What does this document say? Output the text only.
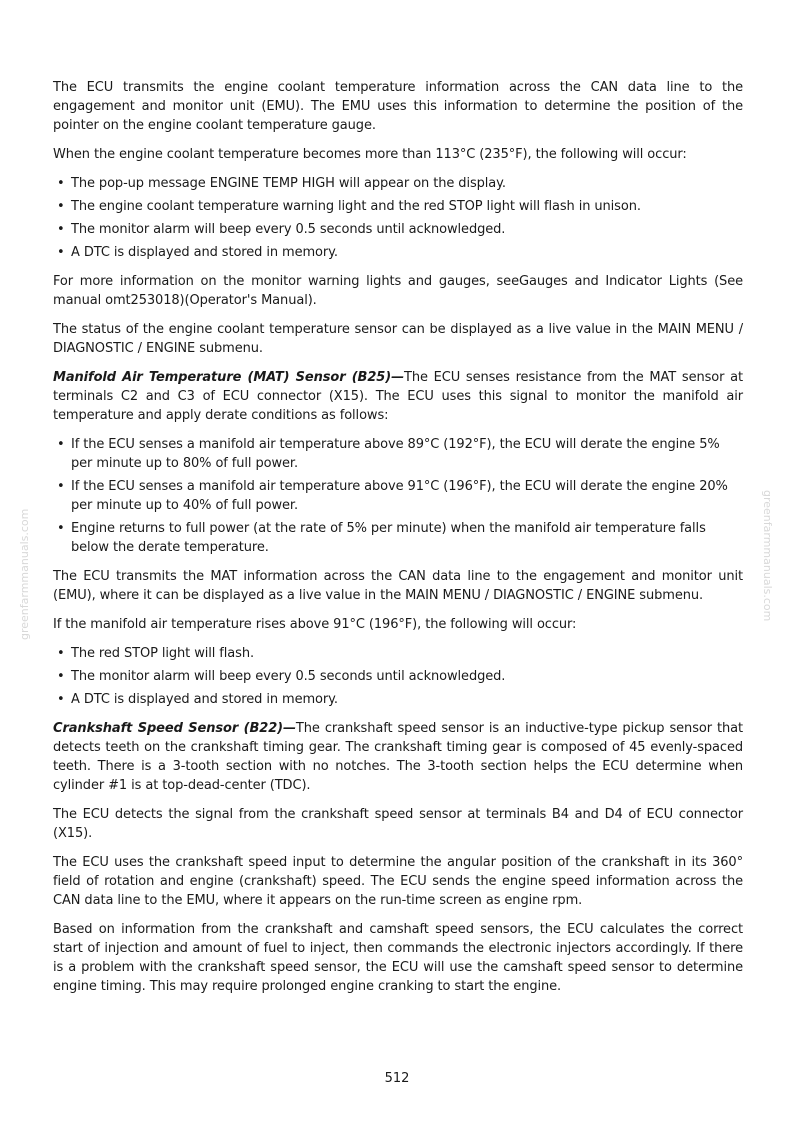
The ECU transmits the engine coolant temperature information across the CAN data line to the engagement and monitor unit (EMU). The EMU uses this information to determine the position of the pointer on the engine coolant temperature gauge.

When the engine coolant temperature becomes more than 113°C (235°F), the following will occur:

• The pop-up message ENGINE TEMP HIGH will appear on the display.
• The engine coolant temperature warning light and the red STOP light will flash in unison.
• The monitor alarm will beep every 0.5 seconds until acknowledged.
• A DTC is displayed and stored in memory.

For more information on the monitor warning lights and gauges, seeGauges and Indicator Lights (See manual omt253018)(Operator's Manual).

The status of the engine coolant temperature sensor can be displayed as a live value in the MAIN MENU / DIAGNOSTIC / ENGINE submenu.

Manifold Air Temperature (MAT) Sensor (B25)—The ECU senses resistance from the MAT sensor at terminals C2 and C3 of ECU connector (X15). The ECU uses this signal to monitor the manifold air temperature and apply derate conditions as follows:

• If the ECU senses a manifold air temperature above 89°C (192°F), the ECU will derate the engine 5% per minute up to 80% of full power.
• If the ECU senses a manifold air temperature above 91°C (196°F), the ECU will derate the engine 20% per minute up to 40% of full power.
• Engine returns to full power (at the rate of 5% per minute) when the manifold air temperature falls below the derate temperature.

The ECU transmits the MAT information across the CAN data line to the engagement and monitor unit (EMU), where it can be displayed as a live value in the MAIN MENU / DIAGNOSTIC / ENGINE submenu.

If the manifold air temperature rises above 91°C (196°F), the following will occur:

• The red STOP light will flash.
• The monitor alarm will beep every 0.5 seconds until acknowledged.
• A DTC is displayed and stored in memory.

Crankshaft Speed Sensor (B22)—The crankshaft speed sensor is an inductive-type pickup sensor that detects teeth on the crankshaft timing gear. The crankshaft timing gear is composed of 45 evenly-spaced teeth. There is a 3-tooth section with no notches. The 3-tooth section helps the ECU determine when cylinder #1 is at top-dead-center (TDC).

The ECU detects the signal from the crankshaft speed sensor at terminals B4 and D4 of ECU connector (X15).

The ECU uses the crankshaft speed input to determine the angular position of the crankshaft in its 360° field of rotation and engine (crankshaft) speed. The ECU sends the engine speed information across the CAN data line to the EMU, where it appears on the run-time screen as engine rpm.

Based on information from the crankshaft and camshaft speed sensors, the ECU calculates the correct start of injection and amount of fuel to inject, then commands the electronic injectors accordingly. If there is a problem with the crankshaft speed sensor, the ECU will use the camshaft speed sensor to determine engine timing. This may require prolonged engine cranking to start the engine.

greenfarmmanuals.com	greenfarmmanuals.com
512
